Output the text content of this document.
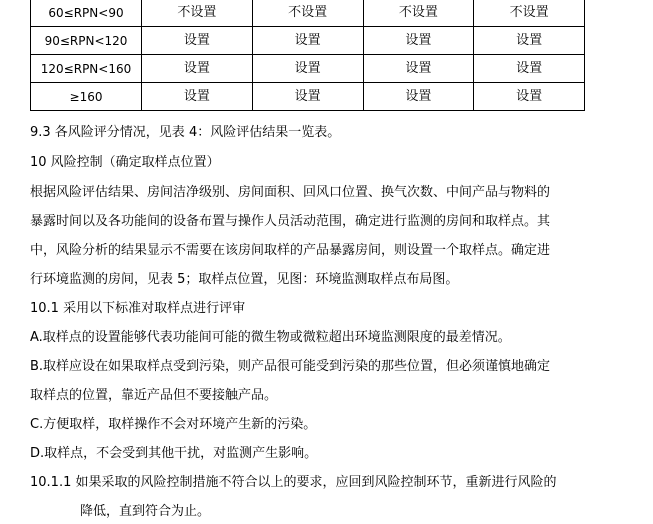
60≤RPN<90	不设置	不设置	不设置	不设置
90≤RPN<120	设置	设置	设置	设置
120≤RPN<160	设置	设置	设置	设置
≥160	设置	设置	设置	设置
9.3 各风险评分情况，见表 4：风险评估结果一览表。
10 风险控制（确定取样点位置）
根据风险评估结果、房间洁净级别、房间面积、回风口位置、换气次数、中间产品与物料的
暴露时间以及各功能间的设备布置与操作人员活动范围，确定进行监测的房间和取样点。其
中，风险分析的结果显示不需要在该房间取样的产品暴露房间，则设置一个取样点。确定进
行环境监测的房间，见表 5；取样点位置，见图：环境监测取样点布局图。
10.1 采用以下标准对取样点进行评审
A.取样点的设置能够代表功能间可能的微生物或微粒超出环境监测限度的最差情况。
B.取样应设在如果取样点受到污染，则产品很可能受到污染的那些位置，但必须谨慎地确定
取样点的位置，靠近产品但不要接触产品。
C.方便取样，取样操作不会对环境产生新的污染。
D.取样点，不会受到其他干扰，对监测产生影响。
10.1.1 如果采取的风险控制措施不符合以上的要求，应回到风险控制环节，重新进行风险的
降低，直到符合为止。
